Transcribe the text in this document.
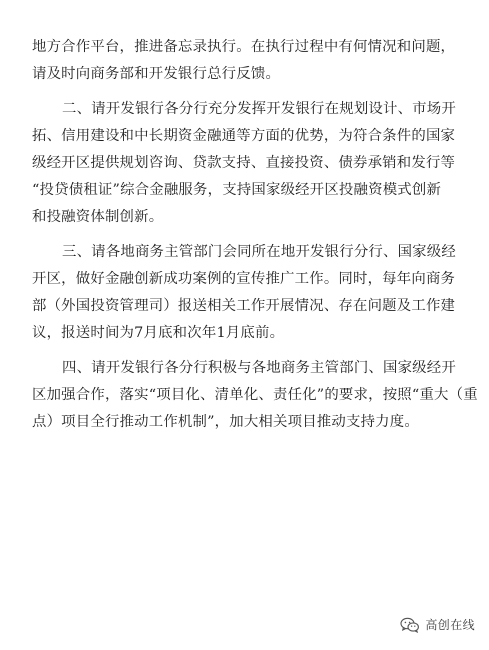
地方合作平台，推进备忘录执行。在执行过程中有何情况和问题，
请及时向商务部和开发银行总行反馈。
二、请开发银行各分行充分发挥开发银行在规划设计、市场开
拓、信用建设和中长期资金融通等方面的优势，为符合条件的国家
级经开区提供规划咨询、贷款支持、直接投资、债券承销和发行等
“投贷债租证”综合金融服务，支持国家级经开区投融资模式创新
和投融资体制创新。
三、请各地商务主管部门会同所在地开发银行分行、国家级经
开区，做好金融创新成功案例的宣传推广工作。同时，每年向商务
部（外国投资管理司）报送相关工作开展情况、存在问题及工作建
议，报送时间为7月底和次年1月底前。
四、请开发银行各分行积极与各地商务主管部门、国家级经开
区加强合作，落实“项目化、清单化、责任化”的要求，按照“重大（重
点）项目全行推动工作机制”，加大相关项目推动支持力度。
高创在线
